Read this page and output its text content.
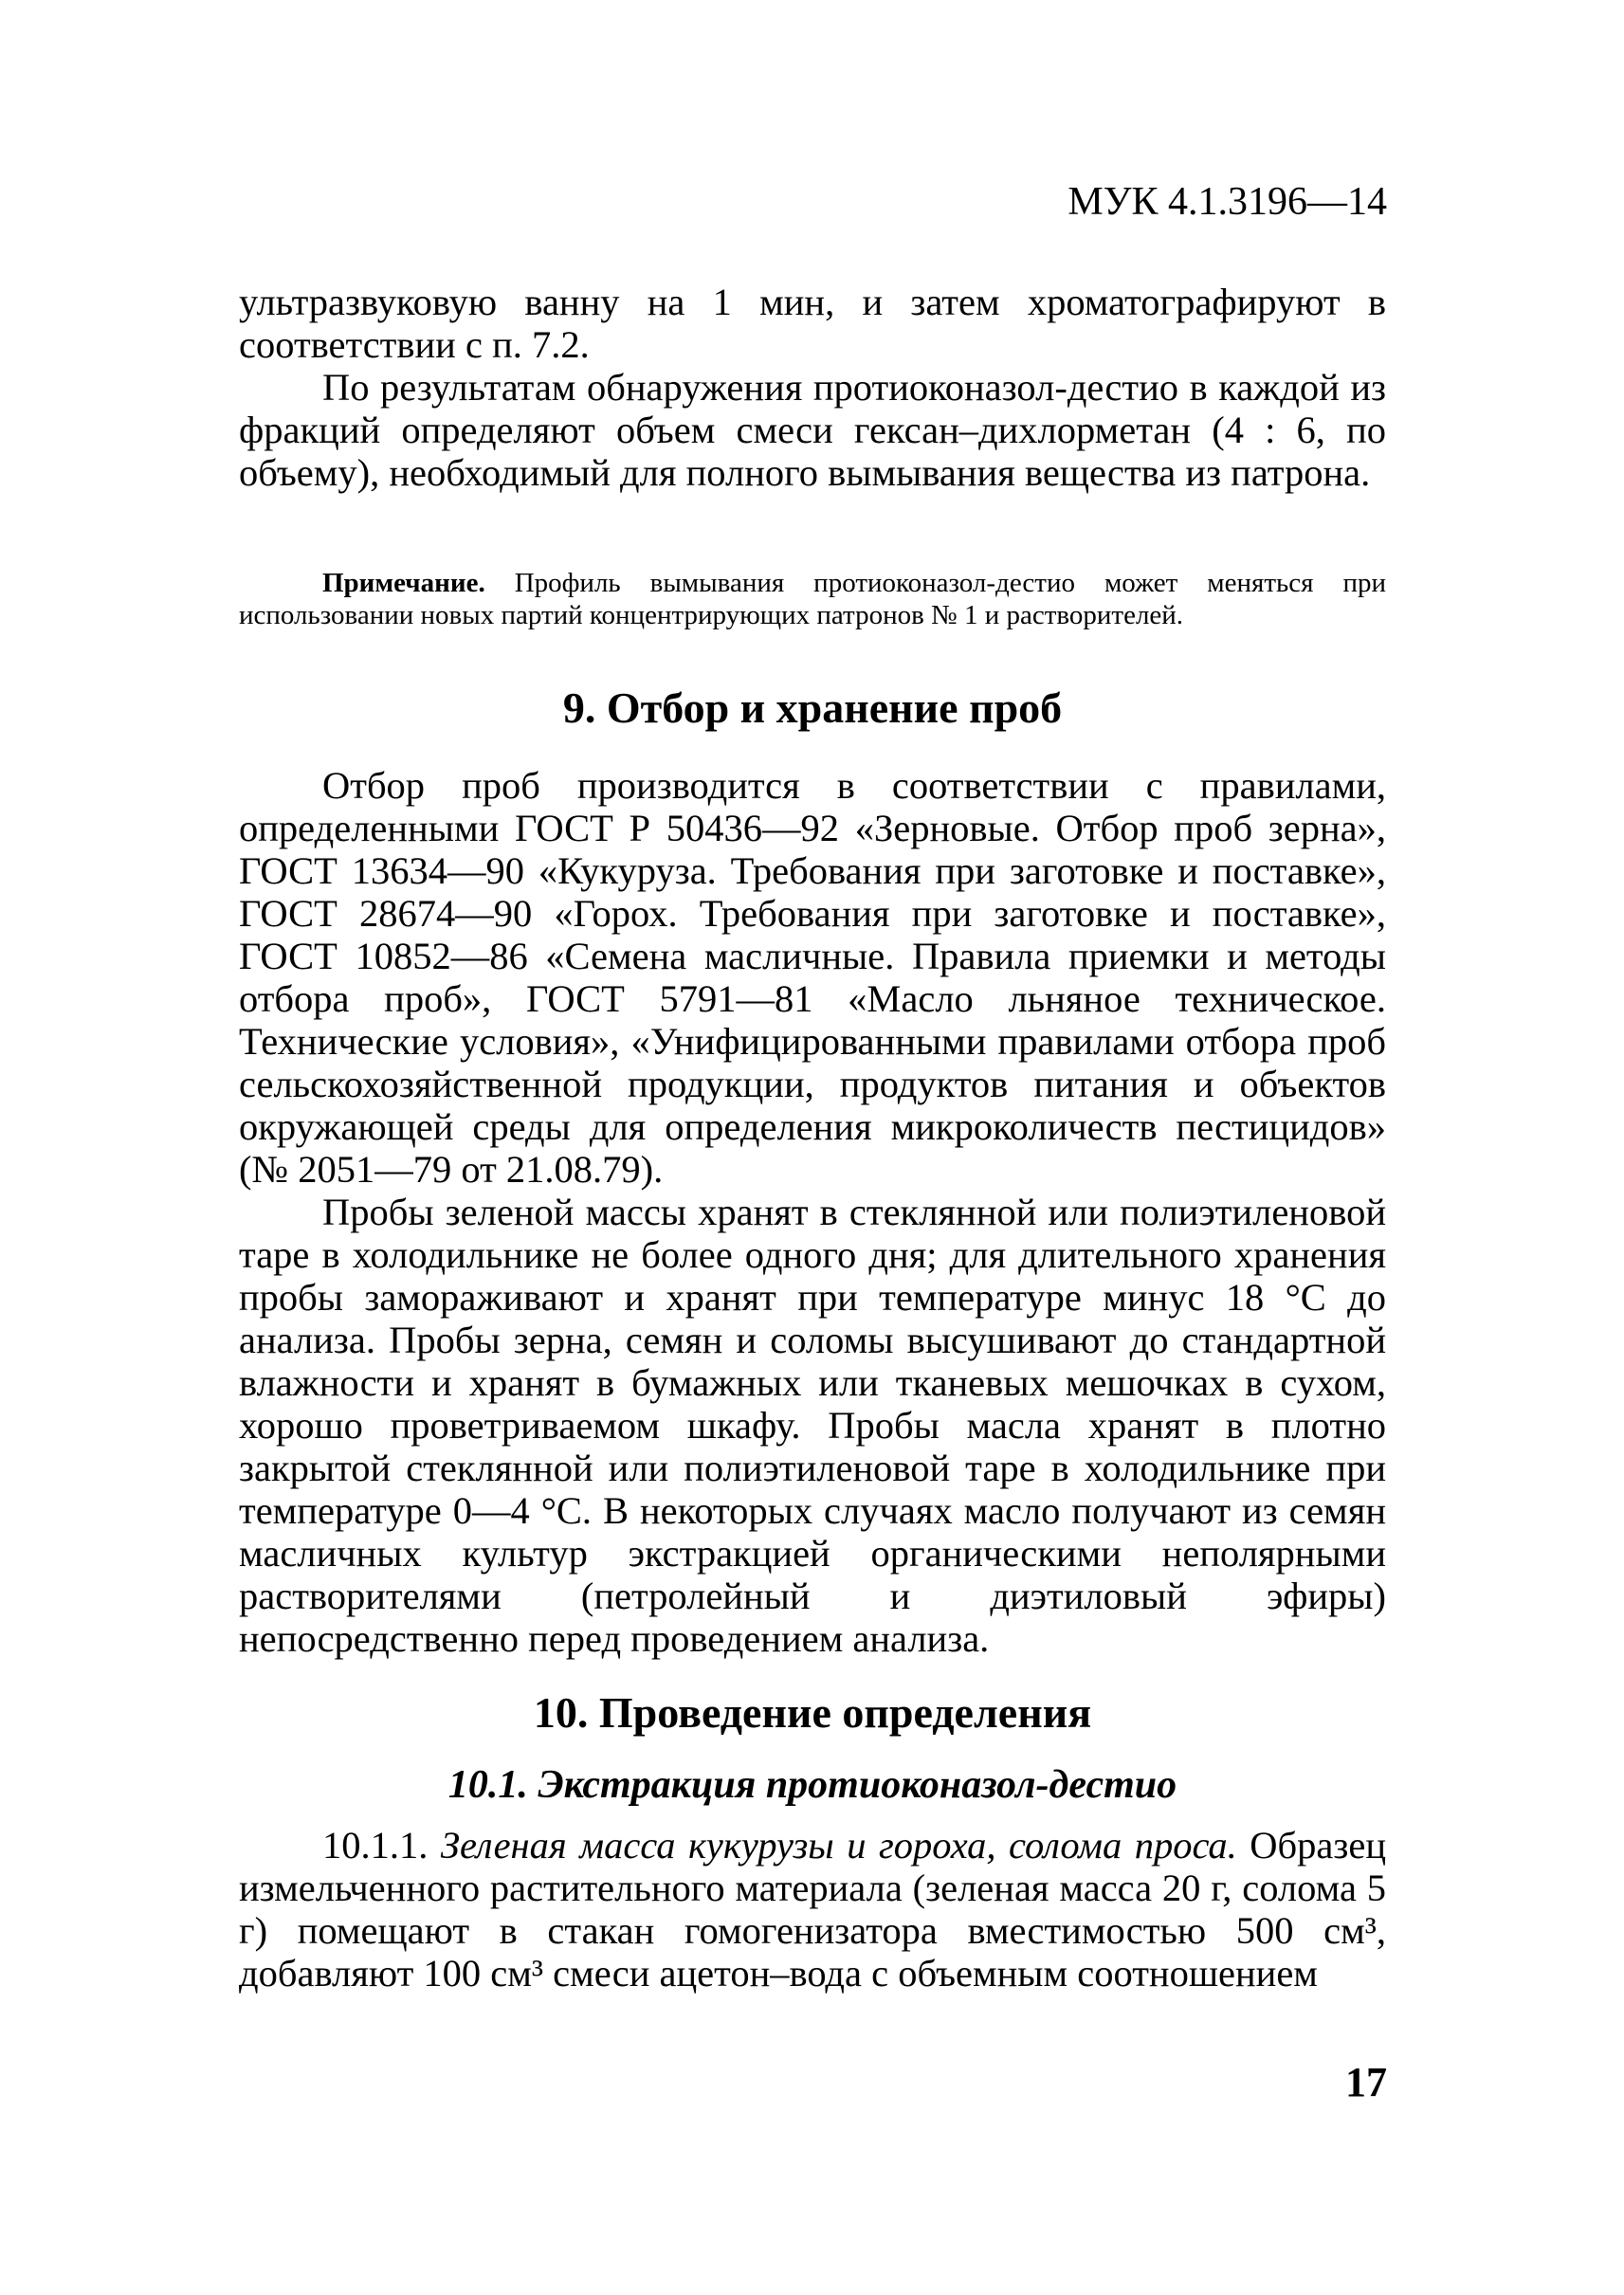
МУК 4.1.3196—14

ультразвуковую ванну на 1 мин, и затем хроматографируют в соответствии с п. 7.2.

По результатам обнаружения протиоконазол-дестио в каждой из фракций определяют объем смеси гексан–дихлорметан (4 : 6, по объему), необходимый для полного вымывания вещества из патрона.

Примечание. Профиль вымывания протиоконазол-дестио может меняться при использовании новых партий концентрирующих патронов № 1 и растворителей.

9. Отбор и хранение проб

Отбор проб производится в соответствии с правилами, определенными ГОСТ Р 50436—92 «Зерновые. Отбор проб зерна», ГОСТ 13634—90 «Кукуруза. Требования при заготовке и поставке», ГОСТ 28674—90 «Горох. Требования при заготовке и поставке», ГОСТ 10852—86 «Семена масличные. Правила приемки и методы отбора проб», ГОСТ 5791—81 «Масло льняное техническое. Технические условия», «Унифицированными правилами отбора проб сельскохозяйственной продукции, продуктов питания и объектов окружающей среды для определения микроколичеств пестицидов» (№ 2051—79 от 21.08.79).

Пробы зеленой массы хранят в стеклянной или полиэтиленовой таре в холодильнике не более одного дня; для длительного хранения пробы замораживают и хранят при температуре минус 18 °С до анализа. Пробы зерна, семян и соломы высушивают до стандартной влажности и хранят в бумажных или тканевых мешочках в сухом, хорошо проветриваемом шкафу. Пробы масла хранят в плотно закрытой стеклянной или полиэтиленовой таре в холодильнике при температуре 0—4 °С. В некоторых случаях масло получают из семян масличных культур экстракцией органическими неполярными растворителями (петролейный и диэтиловый эфиры) непосредственно перед проведением анализа.

10. Проведение определения
10.1. Экстракция протиоконазол-дестио

10.1.1. Зеленая масса кукурузы и гороха, солома проса. Образец измельченного растительного материала (зеленая масса 20 г, солома 5 г) помещают в стакан гомогенизатора вместимостью 500 см³, добавляют 100 см³ смеси ацетон–вода с объемным соотношением

17
